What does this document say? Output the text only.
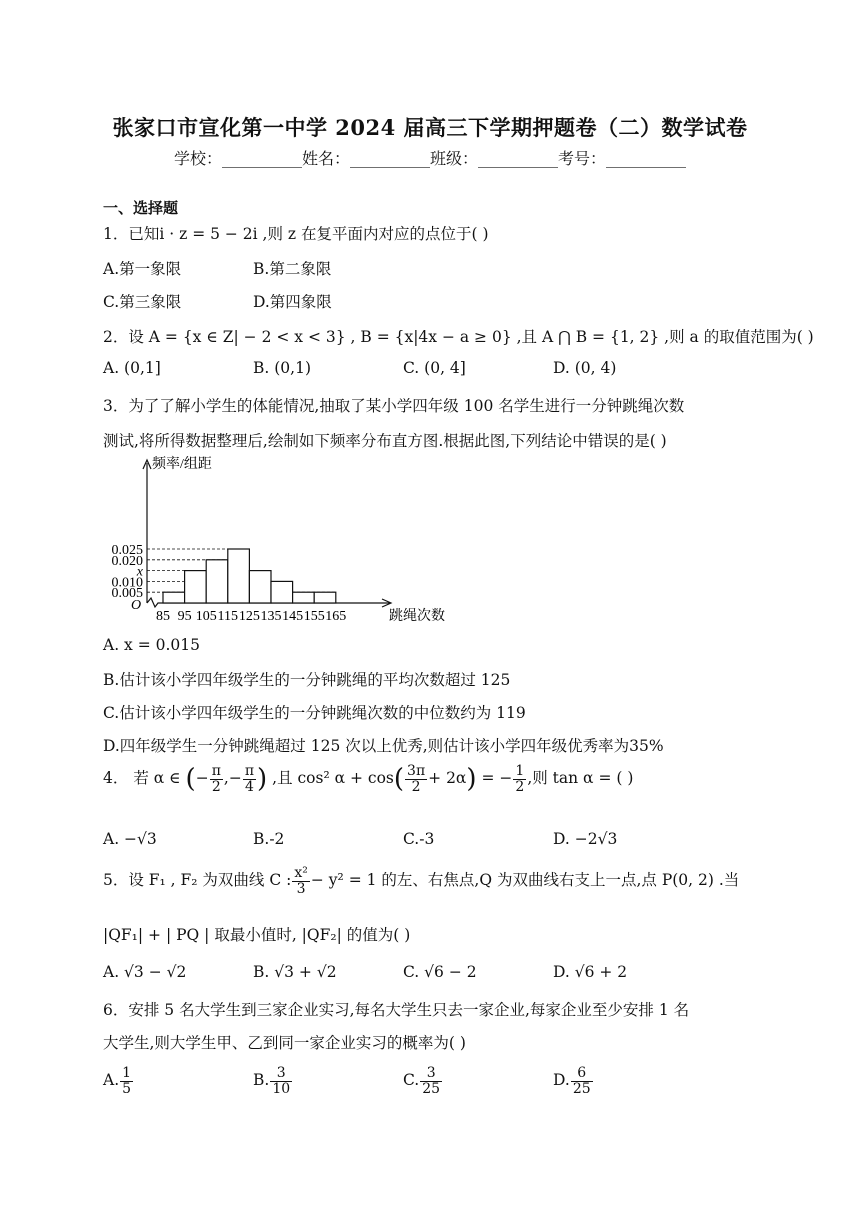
张家口市宣化第一中学 2024 届高三下学期押题卷（二）数学试卷
学校：__________姓名：__________班级：__________考号：__________
一、选择题
1．已知i · z = 5 − 2i ,则 z 在复平面内对应的点位于( )
A.第一象限	B.第二象限
C.第三象限	D.第四象限
2．设 A = {x ∈ Z| − 2 < x < 3} , B = {x|4x − a ≥ 0} ,且 A ⋂ B = {1, 2} ,则 a 的取值范围为( )
A. (0,1]	B. (0,1)	C. (0, 4]	D. (0, 4)
3．为了了解小学生的体能情况,抽取了某小学四年级 100 名学生进行一分钟跳绳次数
测试,将所得数据整理后,绘制如下频率分布直方图.根据此图,下列结论中错误的是( )
频率/组距
O
0.005
0.010
x
0.020
0.025
85 95 105 115 125 135 145 155 165	跳绳次数
A. x = 0.015
B.估计该小学四年级学生的一分钟跳绳的平均次数超过 125
C.估计该小学四年级学生的一分钟跳绳次数的中位数约为 119
D.四年级学生一分钟跳绳超过 125 次以上优秀,则估计该小学四年级优秀率为35%
4． 若 α ∈ (− $\frac{\pi}{2}$ ,− $\frac{\pi}{4}$ ) ,且 cos² $\alpha + \cos( \frac{3\pi}{2} + 2\alpha)$ = − $\frac{1}{2}$ ,则 tan α = ( )
A. −√3	B.-2	C.-3	D. −2√3
5．设 F₁ , F₂ 为双曲线 C : $\frac{\text{x²}}{3} - y^2 = 1$ 的左、右焦点,Q 为双曲线右支上一点,点 P(0, 2) .当
|QF₁| + | PQ | 取最小值时, |QF₂| 的值为( )
A. √3 − √2	B. √3 + √2	C. √6 − 2	D. √6 + 2
6．安排 5 名大学生到三家企业实习,每名大学生只去一家企业,每家企业至少安排 1 名
大学生,则大学生甲、乙到同一家企业实习的概率为( )
A. $\frac{1}{5}$	B. $\frac{3}{10}$	C. $\frac{3}{25}$	D. $\frac{6}{25}$
